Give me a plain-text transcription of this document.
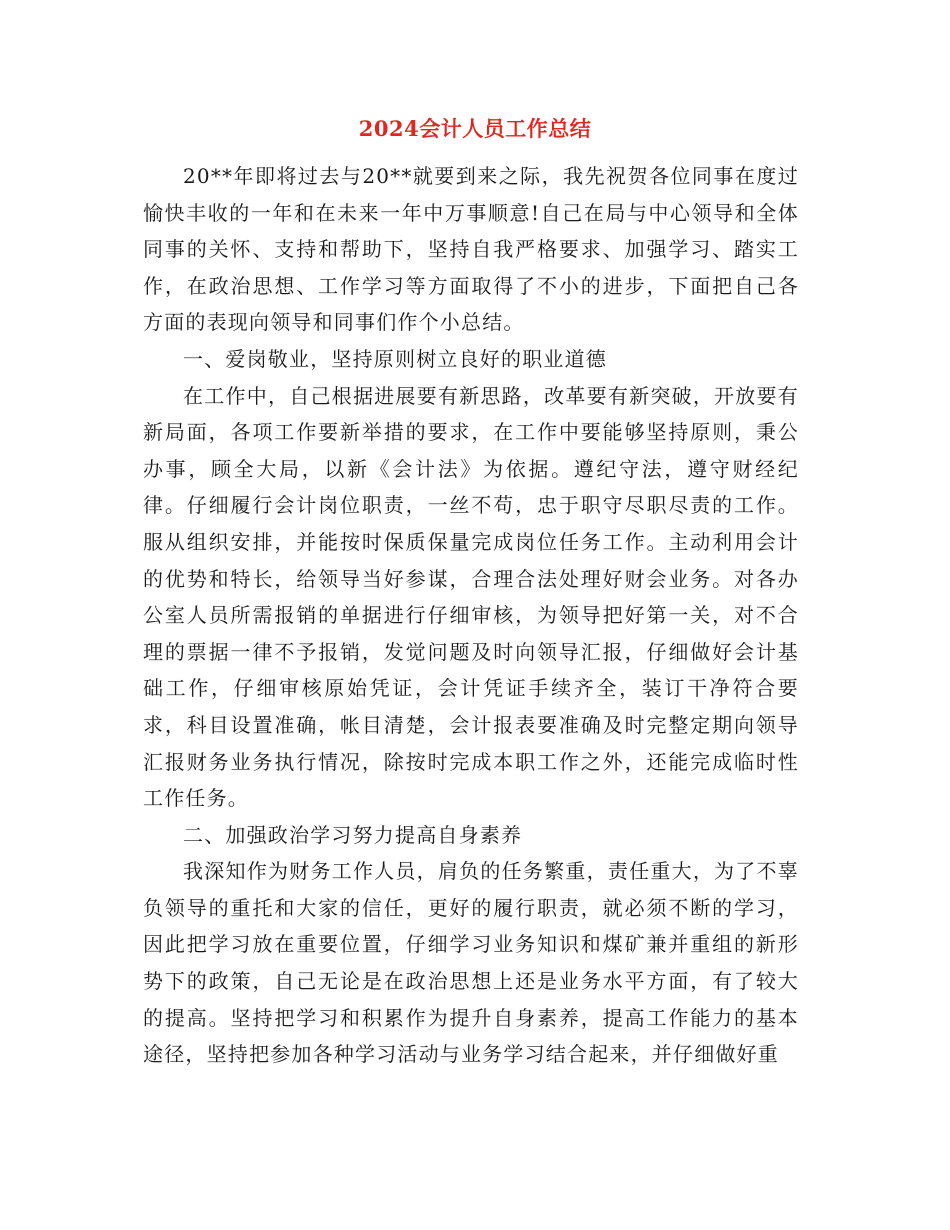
2024会计人员工作总结

20**年即将过去与20**就要到来之际，我先祝贺各位同事在度过愉快丰收的一年和在未来一年中万事顺意!自己在局与中心领导和全体同事的关怀、支持和帮助下，坚持自我严格要求、加强学习、踏实工作，在政治思想、工作学习等方面取得了不小的进步，下面把自己各方面的表现向领导和同事们作个小总结。

一、爱岗敬业，坚持原则树立良好的职业道德

在工作中，自己根据进展要有新思路，改革要有新突破，开放要有新局面，各项工作要新举措的要求，在工作中要能够坚持原则，秉公办事，顾全大局，以新《会计法》为依据。遵纪守法，遵守财经纪律。仔细履行会计岗位职责，一丝不苟，忠于职守尽职尽责的工作。服从组织安排，并能按时保质保量完成岗位任务工作。主动利用会计的优势和特长，给领导当好参谋，合理合法处理好财会业务。对各办公室人员所需报销的单据进行仔细审核，为领导把好第一关，对不合理的票据一律不予报销，发觉问题及时向领导汇报，仔细做好会计基础工作，仔细审核原始凭证，会计凭证手续齐全，装订干净符合要求，科目设置准确，帐目清楚，会计报表要准确及时完整定期向领导汇报财务业务执行情况，除按时完成本职工作之外，还能完成临时性工作任务。

二、加强政治学习努力提高自身素养

我深知作为财务工作人员，肩负的任务繁重，责任重大，为了不辜负领导的重托和大家的信任，更好的履行职责，就必须不断的学习，因此把学习放在重要位置，仔细学习业务知识和煤矿兼并重组的新形势下的政策，自己无论是在政治思想上还是业务水平方面，有了较大的提高。坚持把学习和积累作为提升自身素养，提高工作能力的基本途径，坚持把参加各种学习活动与业务学习结合起来，并仔细做好重
